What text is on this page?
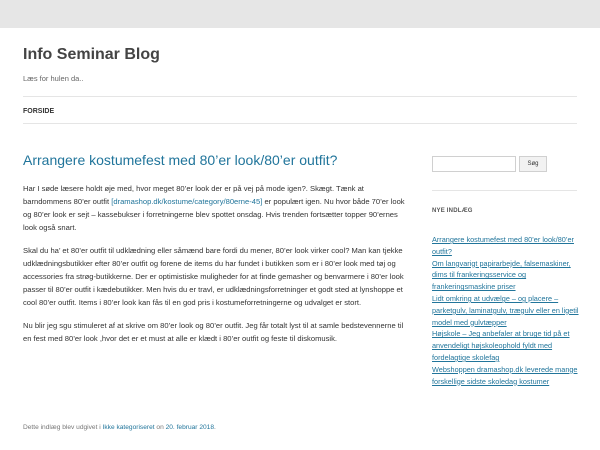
Info Seminar Blog
Læs for hulen da..
FORSIDE
Arrangere kostumefest med 80’er look/80’er outfit?

Har I søde læsere holdt øje med, hvor meget 80’er look der er på vej på mode igen?. Skægt. Tænk at barndommens 80’er outfit [dramashop.dk/kostume/category/80erne-45] er populært igen. Nu hvor både 70’er look og 80’er look er sejt – kassebukser i forretningerne blev spottet onsdag. Hvis trenden fortsætter topper 90’ernes look også snart.

Skal du ha’ et 80’er outfit til udklædning eller såmænd bare fordi du mener, 80’er look virker cool? Man kan tjekke udklædningsbutikker efter 80’er outfit og forene de items du har fundet i butikken som er i 80’er look med tøj og accessories fra strøg-butikkerne. Der er optimistiske muligheder for at finde gemasher og benvarmere i 80’er look passer til 80’er outfit i kædebutikker. Men hvis du er travl, er udklædningsforretninger et godt sted at lynshoppe et cool 80’er outfit. Items i 80’er look kan fås til en god pris i kostumeforretningerne og udvalget er stort.

Nu blir jeg sgu stimuleret af at skrive om 80’er look og 80’er outfit. Jeg får totalt lyst til at samle bedstevennerne til en fest med 80’er look ,hvor det er et must at alle er klædt i 80’er outfit og feste til diskomusik.

Dette indlæg blev udgivet i Ikke kategoriseret on 20. februar 2018.
Søg
NYE INDLÆG
Arrangere kostumefest med 80’er look/80’er outfit?
Om langvarigt papirarbejde, falsemaskiner, dims til frankeringsservice og frankeringsmaskine priser
Lidt omkring at udvælge – og placere – parketgulv, laminatgulv, trægulv eller en ligetil model med gulvtæpper
Højskole – Jeg anbefaler at bruge tid på et anvendeligt højskoleophold fyldt med fordelagtige skolefag
Webshoppen dramashop.dk leverede mange forskellige sidste skoledag kostumer
